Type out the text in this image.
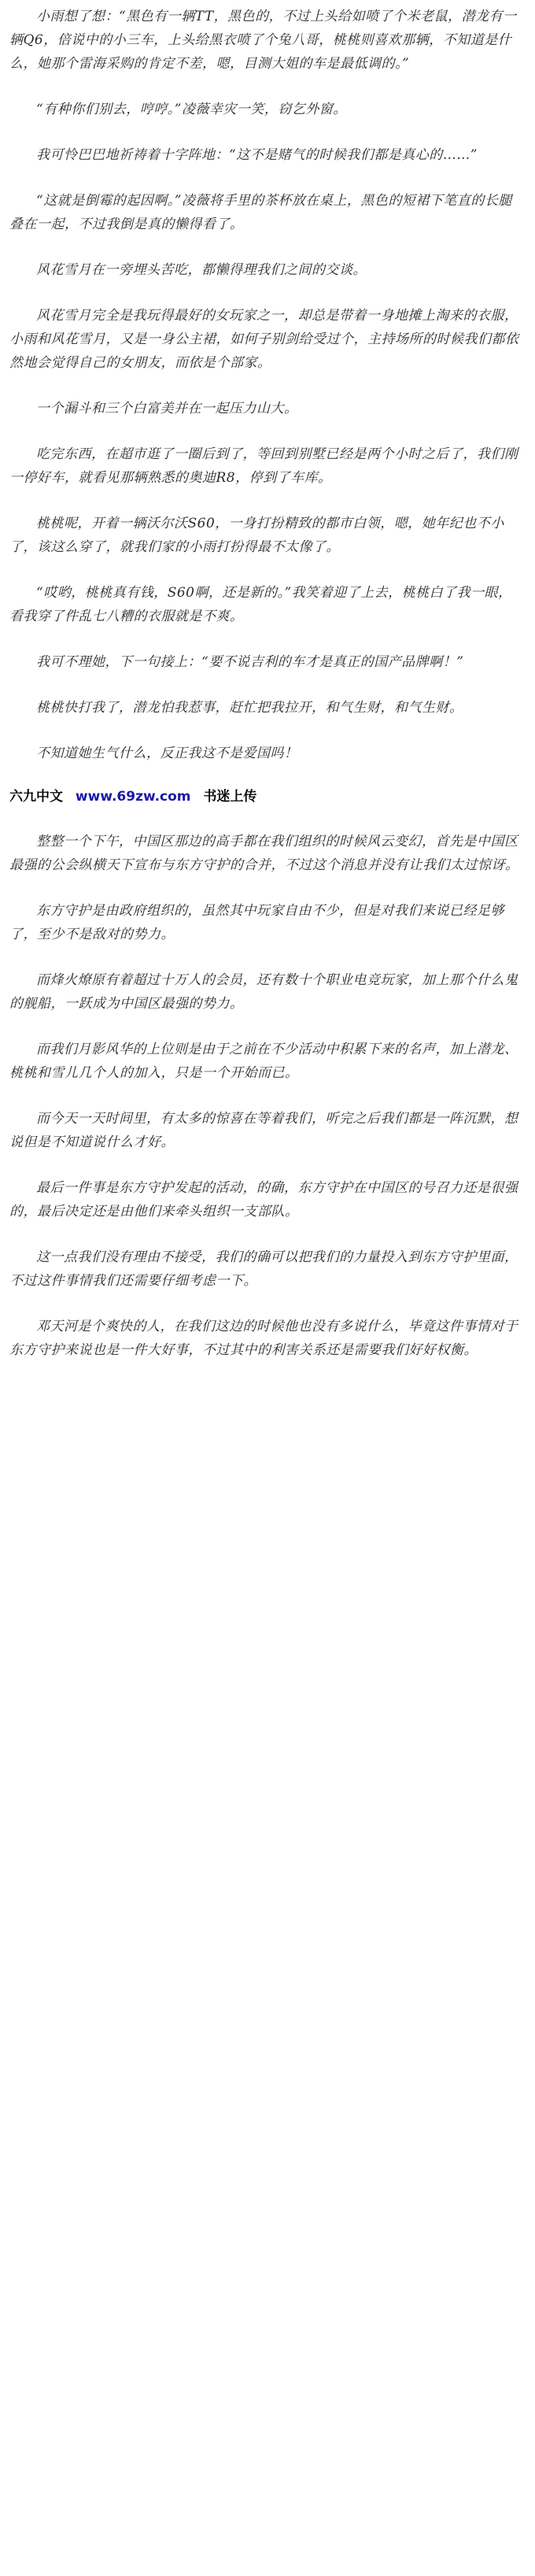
小雨想了想：“黑色有一辆TT，黑色的，不过上头给如喷了个米老鼠，潜龙有一辆Q6，倍说中的小三车，上头给黑衣喷了个兔八哥，桃桃则喜欢那辆，不知道是什么，她那个雷海采购的肯定不差，嗯，目测大姐的车是最低调的。”

“有种你们别去，哼哼。”凌薇幸灾一笑，窃乞外窗。

我可怜巴巴地祈祷着十字阵地：“这不是赌气的时候我们都是真心的……”

“这就是倒霉的起因啊。”凌薇将手里的茶杯放在桌上，黑色的短裙下笔直的长腿叠在一起，不过我倒是真的懒得看了。

风花雪月在一旁埋头苦吃，都懒得理我们之间的交谈。

风花雪月完全是我玩得最好的女玩家之一，却总是带着一身地摊上淘来的衣服，小雨和风花雪月，又是一身公主裙，如何子别剑给受过个，主持场所的时候我们都依然地会觉得自己的女朋友，而依是个部家。

一个漏斗和三个白富美并在一起压力山大。

吃完东西，在超市逛了一圈后到了，等回到别墅已经是两个小时之后了，我们刚一停好车，就看见那辆熟悉的奥迪R8，停到了车库。

桃桃呢，开着一辆沃尔沃S60，一身打扮精致的都市白领，嗯，她年纪也不小了，该这么穿了，就我们家的小雨打扮得最不太像了。

“哎哟，桃桃真有钱，S60啊，还是新的。”我笑着迎了上去，桃桃白了我一眼，看我穿了件乱七八糟的衣服就是不爽。

我可不理她，下一句接上：“要不说吉利的车才是真正的国产品牌啊！”

桃桃快打我了，潜龙怕我惹事，赶忙把我拉开，和气生财，和气生财。

不知道她生气什么，反正我这不是爱国吗！

六九中文 www.69zw.com 书迷上传

整整一个下午，中国区那边的高手都在我们组织的时候风云变幻，首先是中国区最强的公会纵横天下宣布与东方守护的合并，不过这个消息并没有让我们太过惊讶。

东方守护是由政府组织的，虽然其中玩家自由不少，但是对我们来说已经足够了，至少不是敌对的势力。

而烽火燎原有着超过十万人的会员，还有数十个职业电竞玩家，加上那个什么鬼的舰船，一跃成为中国区最强的势力。

而我们月影风华的上位则是由于之前在不少活动中积累下来的名声，加上潜龙、桃桃和雪儿几个人的加入，只是一个开始而已。

而今天一天时间里，有太多的惊喜在等着我们，听完之后我们都是一阵沉默，想说但是不知道说什么才好。

最后一件事是东方守护发起的活动，的确，东方守护在中国区的号召力还是很强的，最后决定还是由他们来牵头组织一支部队。

这一点我们没有理由不接受，我们的确可以把我们的力量投入到东方守护里面，不过这件事情我们还需要仔细考虑一下。

邓天河是个爽快的人，在我们这边的时候他也没有多说什么，毕竟这件事情对于东方守护来说也是一件大好事，不过其中的利害关系还是需要我们好好权衡。
